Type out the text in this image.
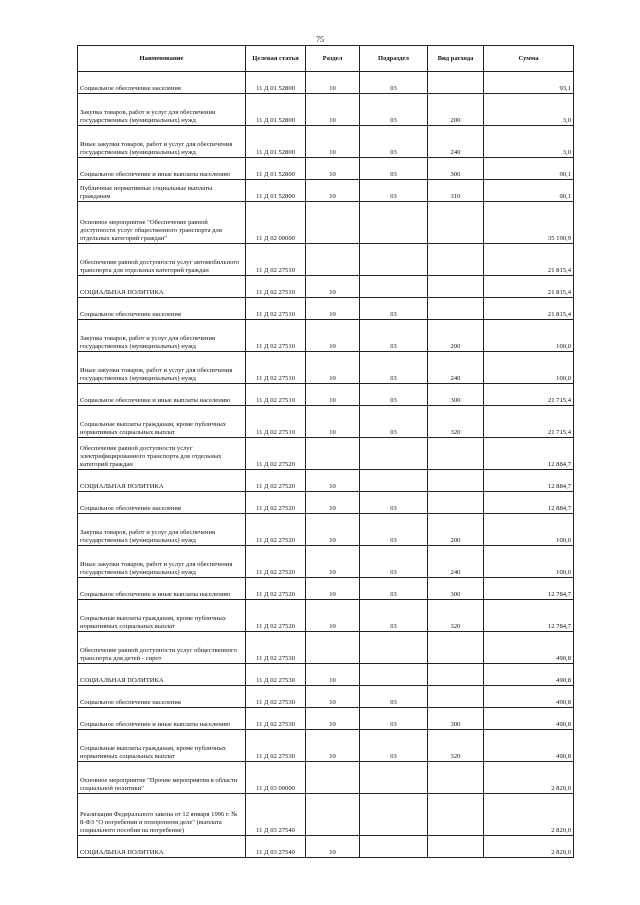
75
Наименование	Целевая статья	Раздел	Подраздел	Вид расхода	Сумма
Социальное обеспечение населения	11 Д 01 52800	10	03		93,1
Закупка товаров, работ и услуг для обеспечения государственных (муниципальных) нужд	11 Д 01 52800	10	03	200	3,0
Иные закупки товаров, работ и услуг для обеспечения государственных (муниципальных) нужд	11 Д 01 52800	10	03	240	3,0
Социальное обеспечение и иные выплаты населению	11 Д 01 52800	10	03	300	90,1
Публичные нормативные социальные выплаты гражданам	11 Д 01 52800	10	03	310	90,1
Основное мероприятие "Обеспечение равной доступности услуг общественного транспорта для отдельных категорий граждан"	11 Д 02 00000				35 190,9
Обеспечение равной доступности услуг автомобильного транспорта для отдельных категорий граждан	11 Д 02 27510				21 815,4
СОЦИАЛЬНАЯ ПОЛИТИКА	11 Д 02 27510	10			21 815,4
Социальное обеспечение населения	11 Д 02 27510	10	03		21 815,4
Закупка товаров, работ и услуг для обеспечения государственных (муниципальных) нужд	11 Д 02 27510	10	03	200	100,0
Иные закупки товаров, работ и услуг для обеспечения государственных (муниципальных) нужд	11 Д 02 27510	10	03	240	100,0
Социальное обеспечение и иные выплаты населению	11 Д 02 27510	10	03	300	21 715,4
Социальные выплаты гражданам, кроме публичных нормативных социальных выплат	11 Д 02 27510	10	03	320	21 715,4
Обеспечение равной доступности услуг электрифицированного транспорта для отдельных категорий граждан	11 Д 02 27520				12 884,7
СОЦИАЛЬНАЯ ПОЛИТИКА	11 Д 02 27520	10			12 884,7
Социальное обеспечение населения	11 Д 02 27520	10	03		12 884,7
Закупка товаров, работ и услуг для обеспечения государственных (муниципальных) нужд	11 Д 02 27520	10	03	200	100,0
Иные закупки товаров, работ и услуг для обеспечения государственных (муниципальных) нужд	11 Д 02 27520	10	03	240	100,0
Социальное обеспечение и иные выплаты населению	11 Д 02 27520	10	03	300	12 784,7
Социальные выплаты гражданам, кроме публичных нормативных социальных выплат	11 Д 02 27520	10	03	320	12 784,7
Обеспечение равной доступности услуг общественного транспорта для детей - сирот	11 Д 02 27530				490,8
СОЦИАЛЬНАЯ ПОЛИТИКА	11 Д 02 27530	10			490,8
Социальное обеспечение населения	11 Д 02 27530	10	03		490,8
Социальное обеспечение и иные выплаты населению	11 Д 02 27530	10	03	300	490,8
Социальные выплаты гражданам, кроме публичных нормативных социальных выплат	11 Д 02 27530	10	03	320	490,8
Основное мероприятие "Прочие мероприятия в области социальной политики"	11 Д 03 00000				2 820,0
Реализация Федерального закона от 12 января 1996 г. № 8-ФЗ "О погребении и похоронном деле" (выплата социального пособия на погребение)	11 Д 03 27540				2 820,0
СОЦИАЛЬНАЯ ПОЛИТИКА	11 Д 03 27540	10			2 820,0
